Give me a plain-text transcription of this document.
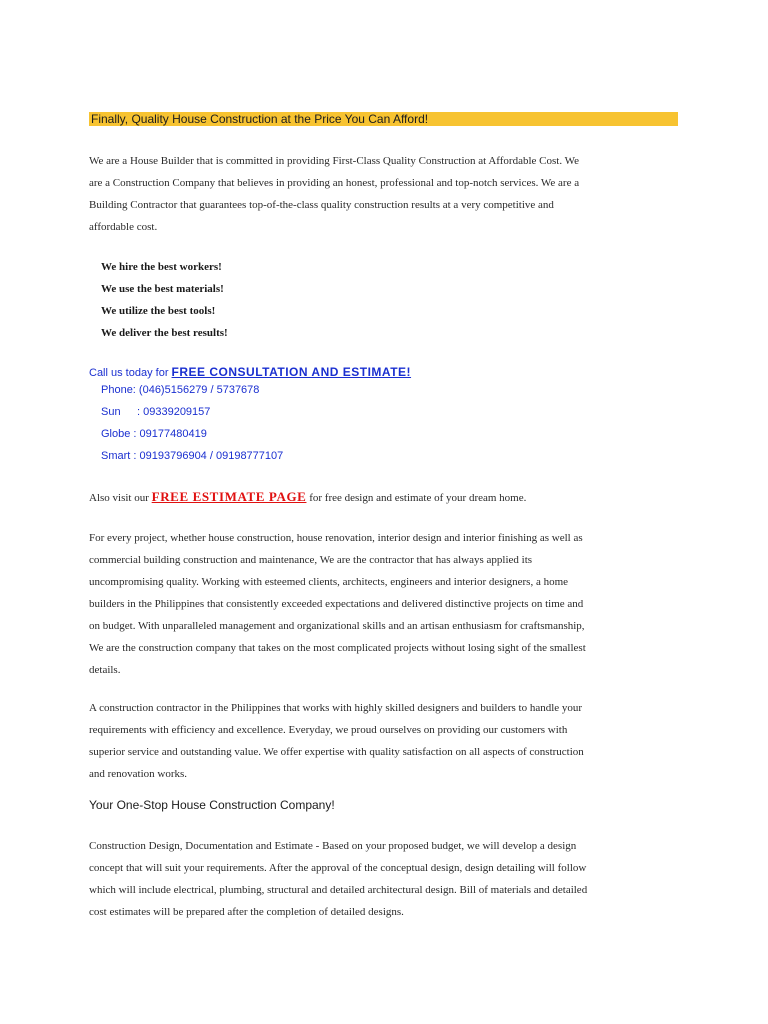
Finally, Quality House Construction at the Price You Can Afford!
We are a House Builder that is committed in providing First-Class Quality Construction at Affordable Cost. We
are a Construction Company that believes in providing an honest, professional and top-notch services. We are a
Building Contractor that guarantees top-of-the-class quality construction results at a very competitive and
affordable cost.
We hire the best workers!
We use the best materials!
We utilize the best tools!
We deliver the best results!
Call us today for FREE CONSULTATION AND ESTIMATE!
Phone: (046)5156279 / 5737678
Sun : 09339209157
Globe : 09177480419
Smart : 09193796904 / 09198777107
Also visit our FREE ESTIMATE PAGE for free design and estimate of your dream home.
For every project, whether house construction, house renovation, interior design and interior finishing as well as
commercial building construction and maintenance, We are the contractor that has always applied its
uncompromising quality. Working with esteemed clients, architects, engineers and interior designers, a home
builders in the Philippines that consistently exceeded expectations and delivered distinctive projects on time and
on budget. With unparalleled management and organizational skills and an artisan enthusiasm for craftsmanship,
We are the construction company that takes on the most complicated projects without losing sight of the smallest
details.
A construction contractor in the Philippines that works with highly skilled designers and builders to handle your
requirements with efficiency and excellence. Everyday, we proud ourselves on providing our customers with
superior service and outstanding value. We offer expertise with quality satisfaction on all aspects of construction
and renovation works.
Your One-Stop House Construction Company!
Construction Design, Documentation and Estimate - Based on your proposed budget, we will develop a design
concept that will suit your requirements. After the approval of the conceptual design, design detailing will follow
which will include electrical, plumbing, structural and detailed architectural design. Bill of materials and detailed
cost estimates will be prepared after the completion of detailed designs.
